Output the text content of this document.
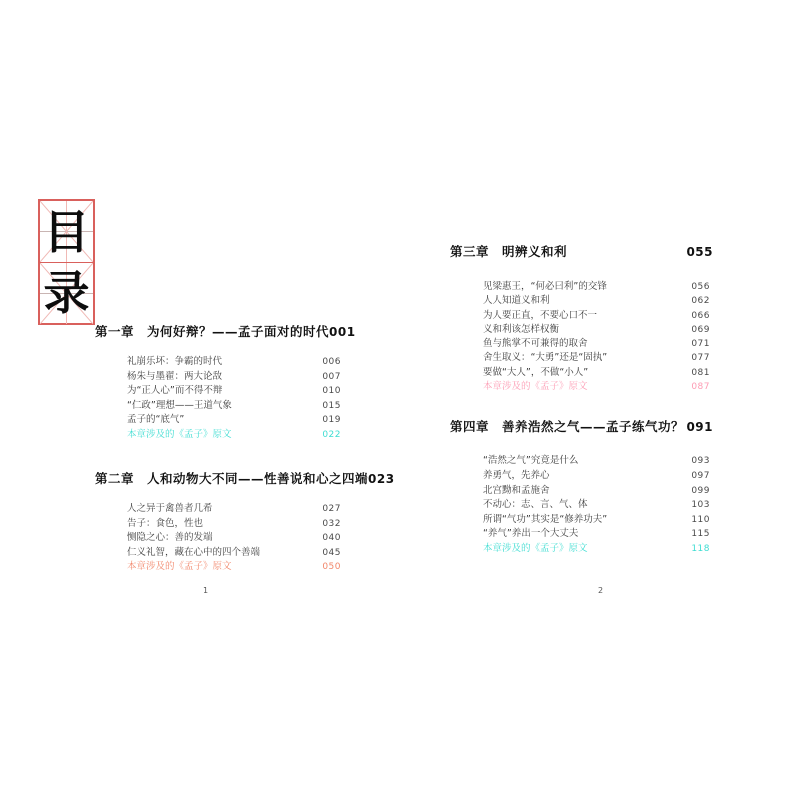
目
录
第一章 为何好辩？——孟子面对的时代 001
礼崩乐坏：争霸的时代	006
杨朱与墨翟：两大论敌	007
为“正人心”而不得不辩	010
“仁政”理想——王道气象	015
孟子的“底气”	019
本章涉及的《孟子》原文	022
第二章 人和动物大不同——性善说和心之四端 023
人之异于禽兽者几希	027
告子：食色，性也	032
恻隐之心：善的发端	040
仁义礼智，藏在心中的四个善端	045
本章涉及的《孟子》原文	050
第三章 明辨义和利	055
见梁惠王，“何必曰利”的交锋	056
人人知道义和利	062
为人要正直，不要心口不一	066
义和利该怎样权衡	069
鱼与熊掌不可兼得的取舍	071
舍生取义：“大勇”还是“固执”	077
要做“大人”，不做“小人”	081
本章涉及的《孟子》原文	087
第四章 善养浩然之气——孟子练气功？ 091
“浩然之气”究竟是什么	093
养勇气，先养心	097
北宫黝和孟施舍	099
不动心：志、言、气、体	103
所谓“气功”其实是“修养功夫”	110
“养气”养出一个大丈夫	115
本章涉及的《孟子》原文	118
1	2
